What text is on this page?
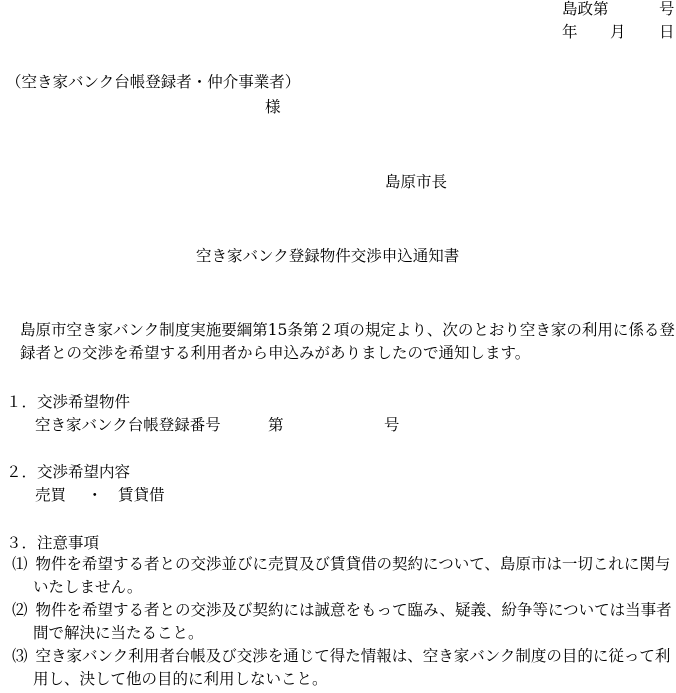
島政第	号
年 月 日
（空き家バンク台帳登録者・仲介事業者）
様
島原市長
空き家バンク登録物件交渉申込通知書

島原市空き家バンク制度実施要綱第15条第２項の規定より、次のとおり空き家の利用に係る登録者との交渉を希望する利用者から申込みがありましたので通知します。

１．交渉希望物件
空き家バンク台帳登録番号	第	号
２．交渉希望内容
売買 ・ 賃貸借
３．注意事項

⑴ 物件を希望する者との交渉並びに売買及び賃貸借の契約について、島原市は一切これに関与いたしません。

⑵ 物件を希望する者との交渉及び契約には誠意をもって臨み、疑義、紛争等については当事者間で解決に当たること。

⑶ 空き家バンク利用者台帳及び交渉を通じて得た情報は、空き家バンク制度の目的に従って利用し、決して他の目的に利用しないこと。
